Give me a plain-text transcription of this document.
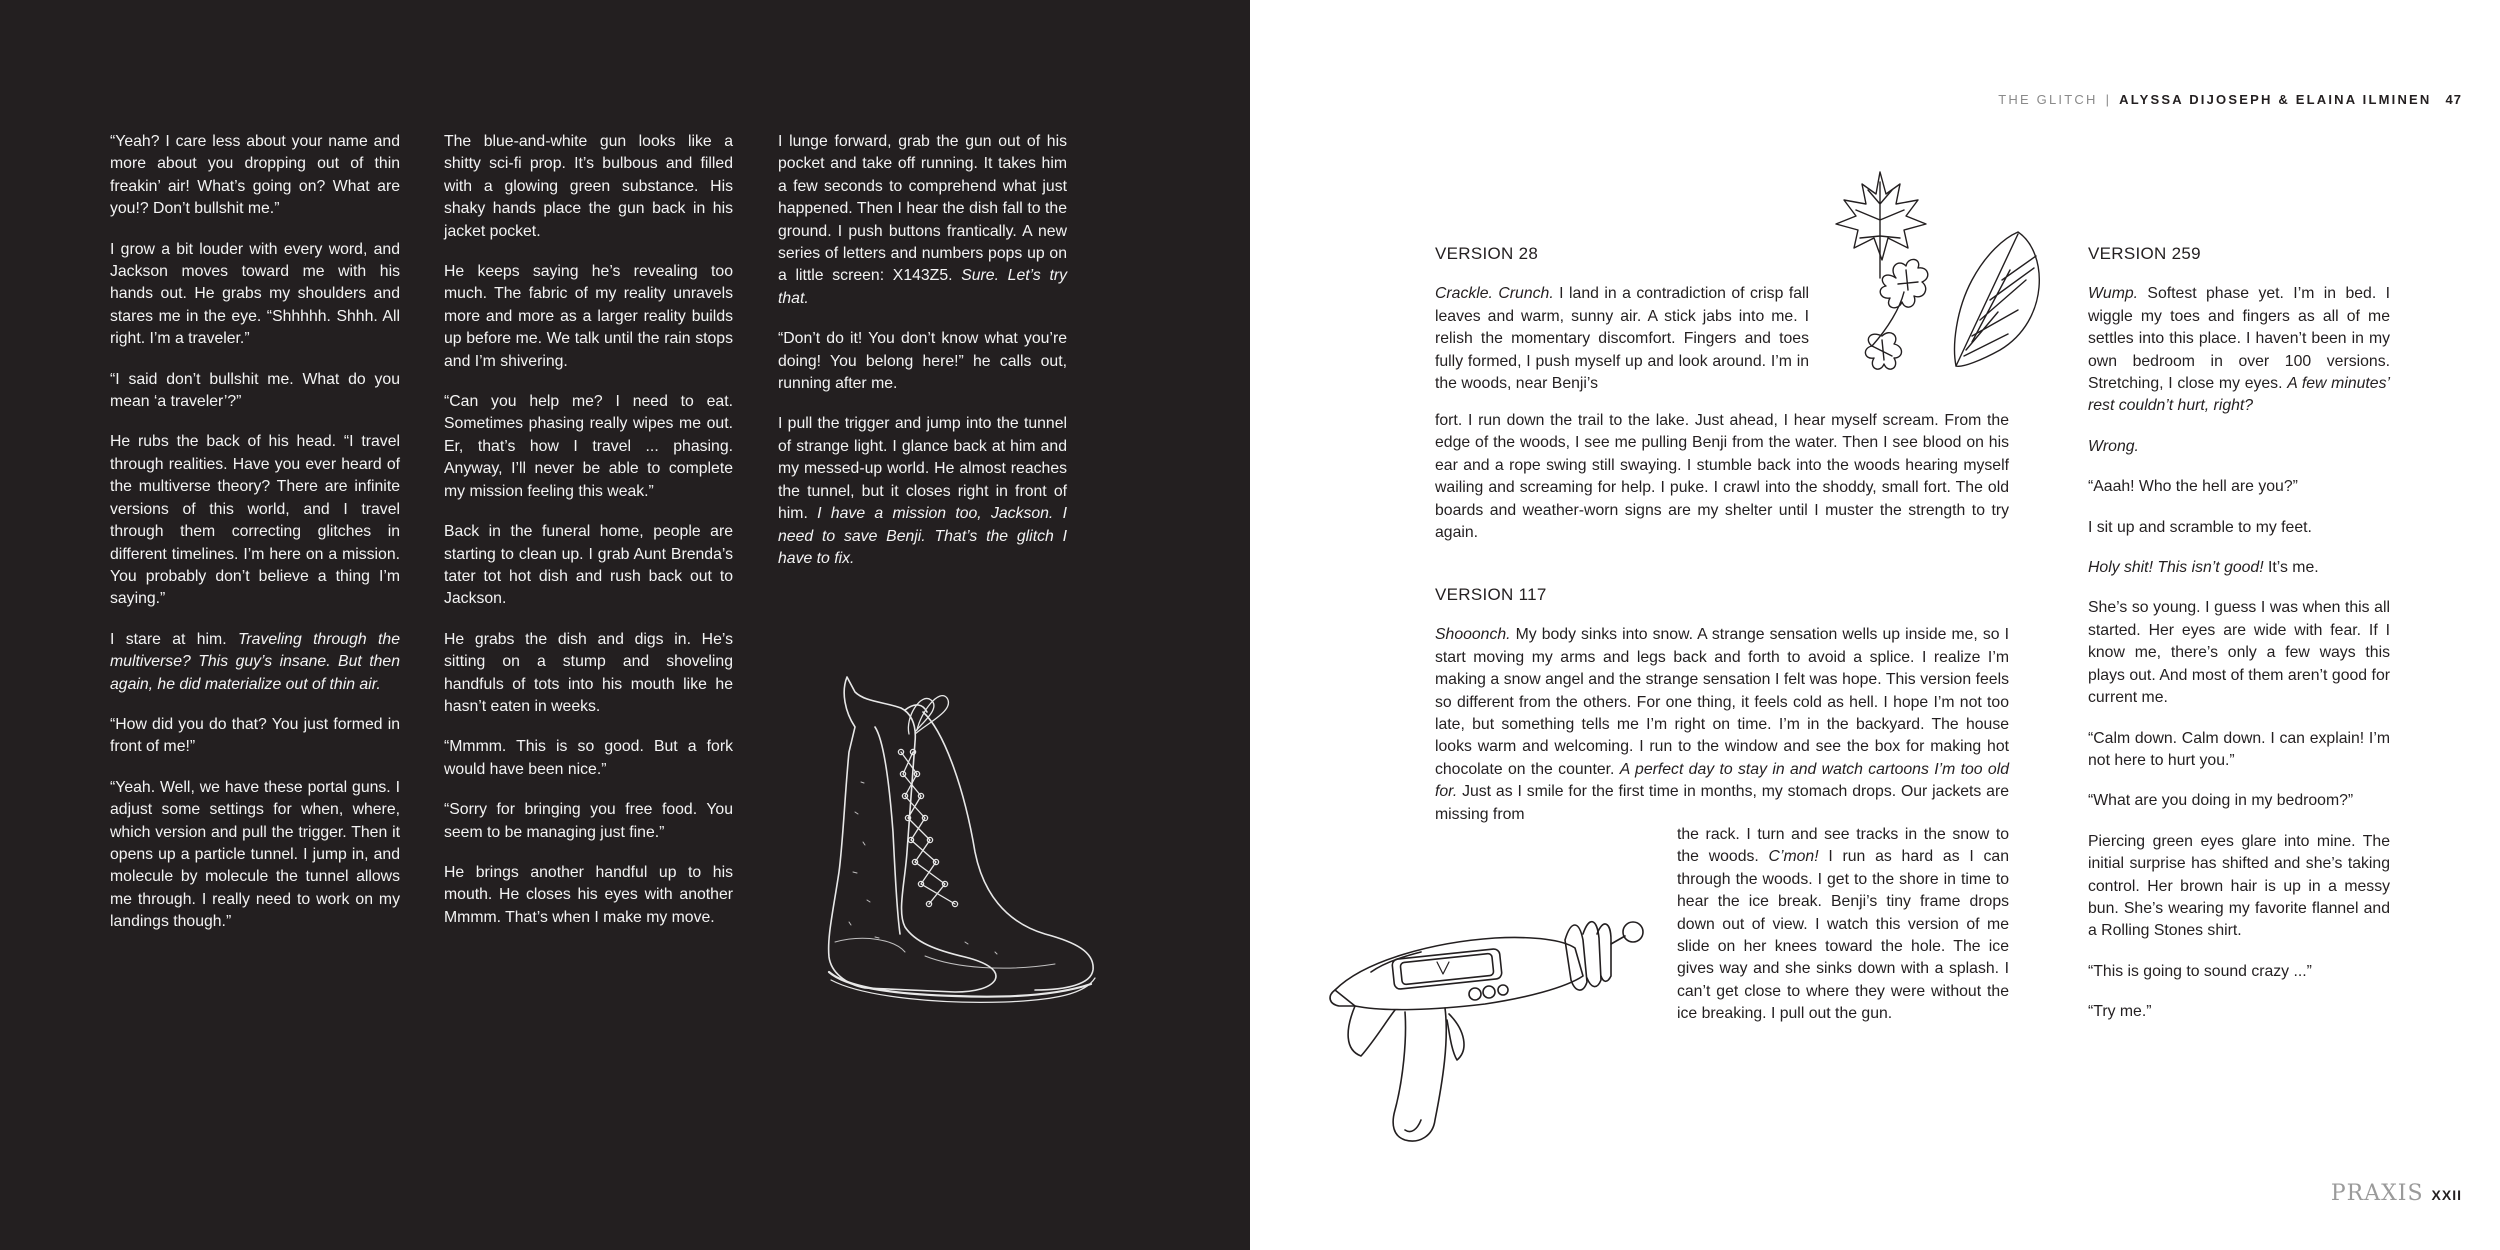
“Yeah? I care less about your name and more about you dropping out of thin freakin’ air! What’s going on? What are you!? Don’t bullshit me.”

I grow a bit louder with every word, and Jackson moves toward me with his hands out. He grabs my shoulders and stares me in the eye. “Shhhhh. Shhh. All right. I’m a traveler.”

“I said don’t bullshit me. What do you mean ‘a traveler’?”

He rubs the back of his head. “I travel through realities. Have you ever heard of the multiverse theory? There are infinite versions of this world, and I travel through them correcting glitches in different timelines. I’m here on a mission. You probably don’t believe a thing I’m saying.”

I stare at him. Traveling through the multiverse? This guy’s insane. But then again, he did materialize out of thin air.

“How did you do that? You just formed in front of me!”

“Yeah. Well, we have these portal guns. I adjust some settings for when, where, which version and pull the trigger. Then it opens up a particle tunnel. I jump in, and molecule by molecule the tunnel allows me through. I really need to work on my landings though.”

The blue-and-white gun looks like a shitty sci-fi prop. It’s bulbous and filled with a glowing green substance. His shaky hands place the gun back in his jacket pocket.

He keeps saying he’s revealing too much. The fabric of my reality unravels more and more as a larger reality builds up before me. We talk until the rain stops and I’m shivering.

“Can you help me? I need to eat. Sometimes phasing really wipes me out. Er, that’s how I travel ... phasing. Anyway, I’ll never be able to complete my mission feeling this weak.”

Back in the funeral home, people are starting to clean up. I grab Aunt Brenda’s tater tot hot dish and rush back out to Jackson.

He grabs the dish and digs in. He’s sitting on a stump and shoveling handfuls of tots into his mouth like he hasn’t eaten in weeks.

“Mmmm. This is so good. But a fork would have been nice.”

“Sorry for bringing you free food. You seem to be managing just fine.”

He brings another handful up to his mouth. He closes his eyes with another Mmmm. That’s when I make my move.

I lunge forward, grab the gun out of his pocket and take off running. It takes him a few seconds to comprehend what just happened. Then I hear the dish fall to the ground. I push buttons frantically. A new series of letters and numbers pops up on a little screen: X143Z5. Sure. Let’s try that.

“Don’t do it! You don’t know what you’re doing! You belong here!” he calls out, running after me.

I pull the trigger and jump into the tunnel of strange light. I glance back at him and my messed-up world. He almost reaches the tunnel, but it closes right in front of him. I have a mission too, Jackson. I need to save Benji. That’s the glitch I have to fix.

THE GLITCH | ALYSSA DIJOSEPH & ELAINA ILMINEN 47

VERSION 28

Crackle. Crunch. I land in a contradiction of crisp fall leaves and warm, sunny air. A stick jabs into me. I relish the momentary discomfort. Fingers and toes fully formed, I push myself up and look around. I’m in the woods, near Benji’s

fort. I run down the trail to the lake. Just ahead, I hear myself scream. From the edge of the woods, I see me pulling Benji from the water. Then I see blood on his ear and a rope swing still swaying. I stumble back into the woods hearing myself wailing and screaming for help. I puke. I crawl into the shoddy, small fort. The old boards and weather-worn signs are my shelter until I muster the strength to try again.

VERSION 117

Shooonch. My body sinks into snow. A strange sensation wells up inside me, so I start moving my arms and legs back and forth to avoid a splice. I realize I’m making a snow angel and the strange sensation I felt was hope. This version feels so different from the others. For one thing, it feels cold as hell. I hope I’m not too late, but something tells me I’m right on time. I’m in the backyard. The house looks warm and welcoming. I run to the window and see the box for making hot chocolate on the counter. A perfect day to stay in and watch cartoons I’m too old for. Just as I smile for the first time in months, my stomach drops. Our jackets are missing from

the rack. I turn and see tracks in the snow to the woods. C’mon! I run as hard as I can through the woods. I get to the shore in time to hear the ice break. Benji’s tiny frame drops down out of view. I watch this version of me slide on her knees toward the hole. The ice gives way and she sinks down with a splash. I can’t get close to where they were without the ice breaking. I pull out the gun.

VERSION 259

Wump. Softest phase yet. I’m in bed. I wiggle my toes and fingers as all of me settles into this place. I haven’t been in my own bedroom in over 100 versions. Stretching, I close my eyes. A few minutes’ rest couldn’t hurt, right?

Wrong.

“Aaah! Who the hell are you?”

I sit up and scramble to my feet.

Holy shit! This isn’t good! It’s me.

She’s so young. I guess I was when this all started. Her eyes are wide with fear. If I know me, there’s only a few ways this plays out. And most of them aren’t good for current me.

“Calm down. Calm down. I can explain! I’m not here to hurt you.”

“What are you doing in my bedroom?”

Piercing green eyes glare into mine. The initial surprise has shifted and she’s taking control. Her brown hair is up in a messy bun. She’s wearing my favorite flannel and a Rolling Stones shirt.

“This is going to sound crazy ...”

“Try me.”

PRAXIS XXII
